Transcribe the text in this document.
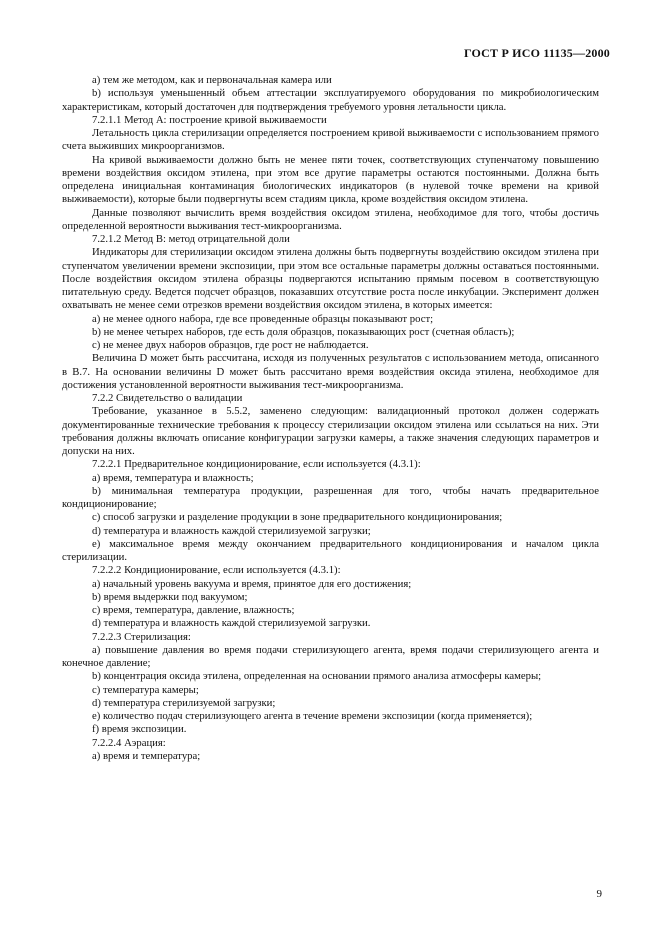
ГОСТ Р ИСО 11135—2000

a) тем же методом, как и первоначальная камера или

b) используя уменьшенный объем аттестации эксплуатируемого оборудования по микробиологическим характеристикам, который достаточен для подтверждения требуемого уровня летальности цикла.

7.2.1.1 Метод А: построение кривой выживаемости

Летальность цикла стерилизации определяется построением кривой выживаемости с использованием прямого счета выживших микроорганизмов.

На кривой выживаемости должно быть не менее пяти точек, соответствующих ступенчатому повышению времени воздействия оксидом этилена, при этом все другие параметры остаются постоянными. Должна быть определена инициальная контаминация биологических индикаторов (в нулевой точке времени на кривой выживаемости), которые были подвергнуты всем стадиям цикла, кроме воздействия оксидом этилена.

Данные позволяют вычислить время воздействия оксидом этилена, необходимое для того, чтобы достичь определенной вероятности выживания тест-микроорганизма.

7.2.1.2 Метод В: метод отрицательной доли

Индикаторы для стерилизации оксидом этилена должны быть подвергнуты воздействию оксидом этилена при ступенчатом увеличении времени экспозиции, при этом все остальные параметры должны оставаться постоянными. После воздействия оксидом этилена образцы подвергаются испытанию прямым посевом в соответствующую питательную среду. Ведется подсчет образцов, показавших отсутствие роста после инкубации. Эксперимент должен охватывать не менее семи отрезков времени воздействия оксидом этилена, в которых имеется:

a) не менее одного набора, где все проведенные образцы показывают рост;

b) не менее четырех наборов, где есть доля образцов, показывающих рост (счетная область);

c) не менее двух наборов образцов, где рост не наблюдается.

Величина D может быть рассчитана, исходя из полученных результатов с использованием метода, описанного в В.7. На основании величины D может быть рассчитано время воздействия оксида этилена, необходимое для достижения установленной вероятности выживания тест-микроорганизма.

7.2.2 Свидетельство о валидации

Требование, указанное в 5.5.2, заменено следующим: валидационный протокол должен содержать документированные технические требования к процессу стерилизации оксидом этилена или ссылаться на них. Эти требования должны включать описание конфигурации загрузки камеры, а также значения следующих параметров и допуски на них.

7.2.2.1 Предварительное кондиционирование, если используется (4.3.1):

a) время, температура и влажность;

b) минимальная температура продукции, разрешенная для того, чтобы начать предварительное кондиционирование;

c) способ загрузки и разделение продукции в зоне предварительного кондиционирования;

d) температура и влажность каждой стерилизуемой загрузки;

e) максимальное время между окончанием предварительного кондиционирования и началом цикла стерилизации.

7.2.2.2 Кондиционирование, если используется (4.3.1):

a) начальный уровень вакуума и время, принятое для его достижения;

b) время выдержки под вакуумом;

c) время, температура, давление, влажность;

d) температура и влажность каждой стерилизуемой загрузки.

7.2.2.3 Стерилизация:

a) повышение давления во время подачи стерилизующего агента, время подачи стерилизующего агента и конечное давление;

b) концентрация оксида этилена, определенная на основании прямого анализа атмосферы камеры;

c) температура камеры;

d) температура стерилизуемой загрузки;

e) количество подач стерилизующего агента в течение времени экспозиции (когда применяется);

f) время экспозиции.

7.2.2.4 Аэрация:

a) время и температура;

9
